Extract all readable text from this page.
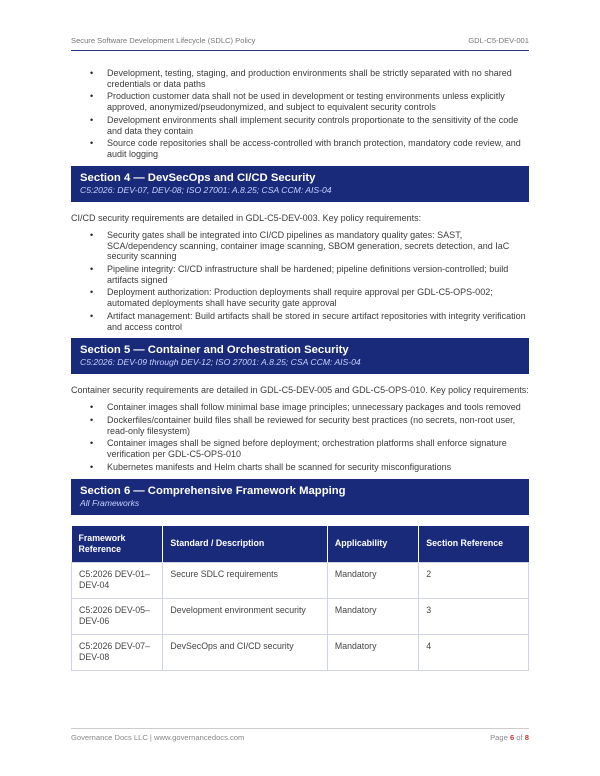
Secure Software Development Lifecycle (SDLC) Policy	GDL-C5-DEV-001
• Development, testing, staging, and production environments shall be strictly separated with no shared credentials or data paths
• Production customer data shall not be used in development or testing environments unless explicitly approved, anonymized/pseudonymized, and subject to equivalent security controls
• Development environments shall implement security controls proportionate to the sensitivity of the code and data they contain
• Source code repositories shall be access-controlled with branch protection, mandatory code review, and audit logging
Section 4 — DevSecOps and CI/CD Security
C5:2026: DEV-07, DEV-08; ISO 27001: A.8.25; CSA CCM: AIS-04
CI/CD security requirements are detailed in GDL-C5-DEV-003. Key policy requirements:
• Security gates shall be integrated into CI/CD pipelines as mandatory quality gates: SAST, SCA/dependency scanning, container image scanning, SBOM generation, secrets detection, and IaC security scanning
• Pipeline integrity: CI/CD infrastructure shall be hardened; pipeline definitions version-controlled; build artifacts signed
• Deployment authorization: Production deployments shall require approval per GDL-C5-OPS-002; automated deployments shall have security gate approval
• Artifact management: Build artifacts shall be stored in secure artifact repositories with integrity verification and access control
Section 5 — Container and Orchestration Security
C5:2026: DEV-09 through DEV-12; ISO 27001: A.8.25; CSA CCM: AIS-04
Container security requirements are detailed in GDL-C5-DEV-005 and GDL-C5-OPS-010. Key policy requirements:
• Container images shall follow minimal base image principles; unnecessary packages and tools removed
• Dockerfiles/container build files shall be reviewed for security best practices (no secrets, non-root user, read-only filesystem)
• Container images shall be signed before deployment; orchestration platforms shall enforce signature verification per GDL-C5-OPS-010
• Kubernetes manifests and Helm charts shall be scanned for security misconfigurations
Section 6 — Comprehensive Framework Mapping
All Frameworks
Framework Reference	Standard / Description	Applicability	Section Reference
C5:2026 DEV-01– DEV-04	Secure SDLC requirements	Mandatory	2
C5:2026 DEV-05– DEV-06	Development environment security	Mandatory	3
C5:2026 DEV-07– DEV-08	DevSecOps and CI/CD security	Mandatory	4
Governance Docs LLC | www.governancedocs.com	Page 6 of 8
